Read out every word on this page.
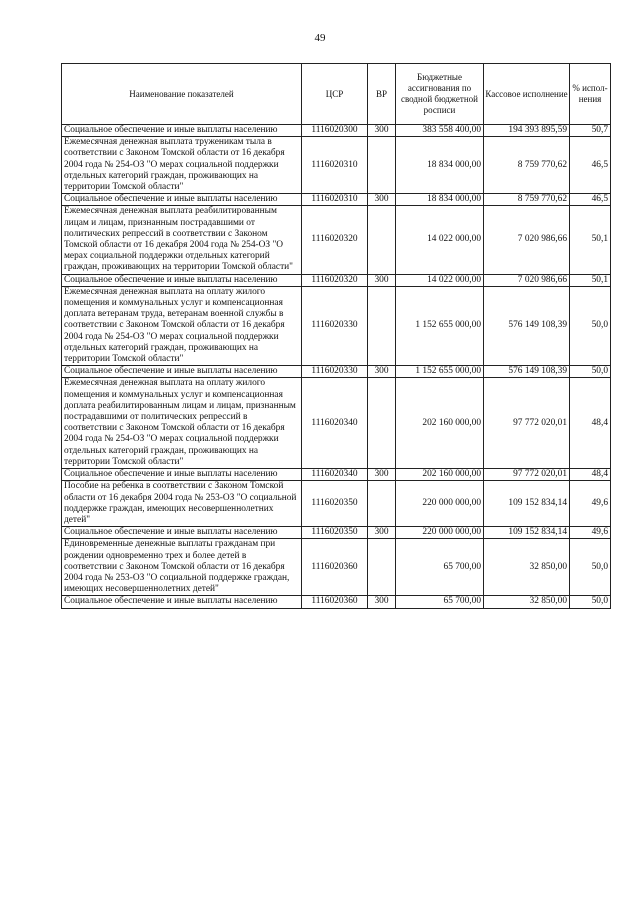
49
Наименование показателей	ЦСР	ВР	Бюджетные ассигнования по сводной бюджетной росписи	Кассовое исполнение	% испол-нения
Социальное обеспечение и иные выплаты населению	1116020300	300	383 558 400,00	194 393 895,59	50,7
Ежемесячная денежная выплата труженикам тыла в соответствии с Законом Томской области от 16 декабря 2004 года № 254-ОЗ "О мерах социальной поддержки отдельных категорий граждан, проживающих на территории Томской области"	1116020310		18 834 000,00	8 759 770,62	46,5
Социальное обеспечение и иные выплаты населению	1116020310	300	18 834 000,00	8 759 770,62	46,5
Ежемесячная денежная выплата реабилитированным лицам и лицам, признанным пострадавшими от политических репрессий в соответствии с Законом Томской области от 16 декабря 2004 года № 254-ОЗ "О мерах социальной поддержки отдельных категорий граждан, проживающих на территории Томской области"	1116020320		14 022 000,00	7 020 986,66	50,1
Социальное обеспечение и иные выплаты населению	1116020320	300	14 022 000,00	7 020 986,66	50,1
Ежемесячная денежная выплата на оплату жилого помещения и коммунальных услуг и компенсационная доплата ветеранам труда, ветеранам военной службы в соответствии с Законом Томской области от 16 декабря 2004 года № 254-ОЗ "О мерах социальной поддержки отдельных категорий граждан, проживающих на территории Томской области"	1116020330		1 152 655 000,00	576 149 108,39	50,0
Социальное обеспечение и иные выплаты населению	1116020330	300	1 152 655 000,00	576 149 108,39	50,0
Ежемесячная денежная выплата на оплату жилого помещения и коммунальных услуг и компенсационная доплата реабилитированным лицам и лицам, признанным пострадавшими от политических репрессий в соответствии с Законом Томской области от 16 декабря 2004 года № 254-ОЗ "О мерах социальной поддержки отдельных категорий граждан, проживающих на территории Томской области"	1116020340		202 160 000,00	97 772 020,01	48,4
Социальное обеспечение и иные выплаты населению	1116020340	300	202 160 000,00	97 772 020,01	48,4
Пособие на ребенка в соответствии с Законом Томской области от 16 декабря 2004 года № 253-ОЗ "О социальной поддержке граждан, имеющих несовершеннолетних детей"	1116020350		220 000 000,00	109 152 834,14	49,6
Социальное обеспечение и иные выплаты населению	1116020350	300	220 000 000,00	109 152 834,14	49,6
Единовременные денежные выплаты гражданам при рождении одновременно трех и более детей в соответствии с Законом Томской области от 16 декабря 2004 года № 253-ОЗ "О социальной поддержке граждан, имеющих несовершеннолетних детей"	1116020360		65 700,00	32 850,00	50,0
Социальное обеспечение и иные выплаты населению	1116020360	300	65 700,00	32 850,00	50,0
